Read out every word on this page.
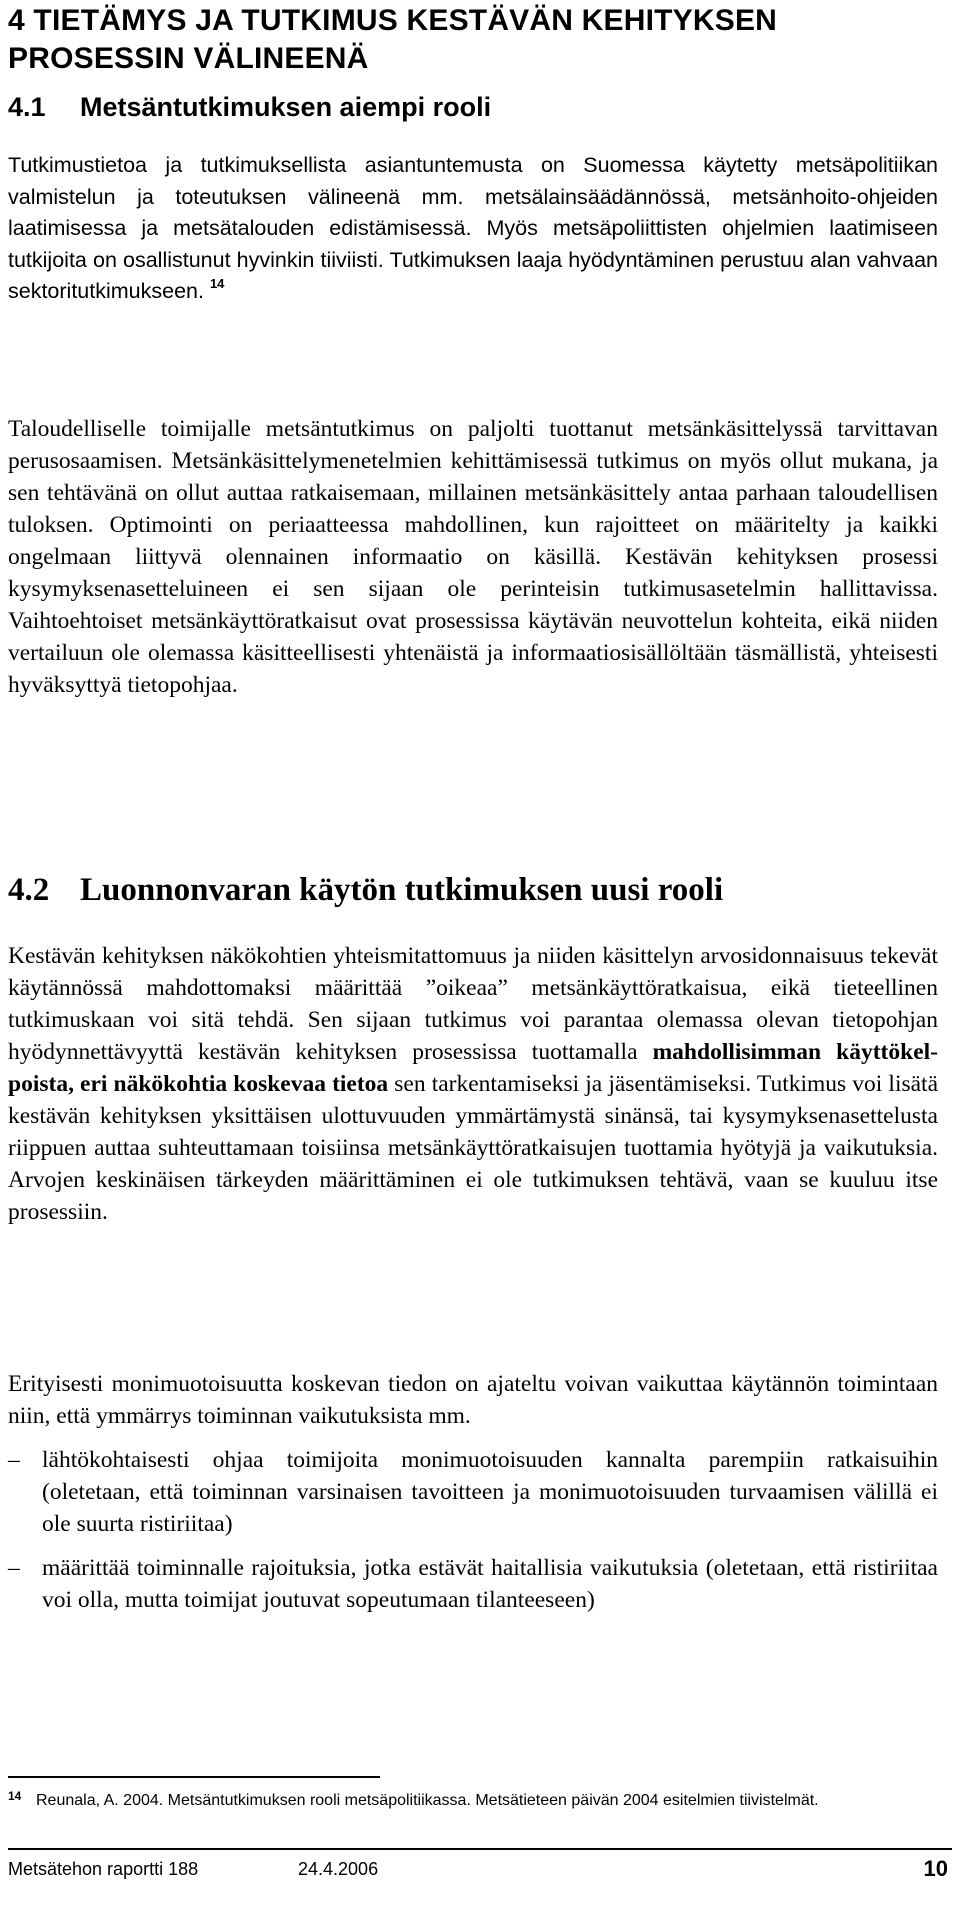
4 TIETÄMYS JA TUTKIMUS KESTÄVÄN KEHITYKSEN PROSESSIN VÄLINEENÄ
4.1 Metsäntutkimuksen aiempi rooli

Tutkimustietoa ja tutkimuksellista asiantuntemusta on Suomessa käytetty metsäpolitiikan valmistelun ja toteutuksen välineenä mm. metsälainsäädännössä, metsänhoito-ohjeiden laatimisessa ja metsätalouden edistämisessä. Myös metsäpoliittisten ohjelmien laatimiseen tutkijoita on osallistunut hyvinkin tiiviisti. Tutkimuksen laaja hyödyntäminen perustuu alan vahvaan sektoritutkimukseen. $^{14}$

Taloudelliselle toimijalle metsäntutkimus on paljolti tuottanut metsänkäsittelyssä tarvittavan perusosaamisen. Metsänkäsittelymenetelmien kehittämisessä tutkimus on myös ollut mukana, ja sen tehtävänä on ollut auttaa ratkaisemaan, millainen metsänkäsittely antaa parhaan taloudellisen tuloksen. Optimointi on periaatteessa mahdollinen, kun rajoitteet on määritelty ja kaikki ongelmaan liittyvä olennainen informaatio on käsillä. Kestävän kehityksen prosessi kysymyksenasetteluineen ei sen sijaan ole perinteisin tutkimusasetelmin hallittavissa. Vaihtoehtoiset metsänkäyttöratkaisut ovat prosessissa käytävän neuvottelun kohteita, eikä niiden vertailuun ole olemassa käsitteellisesti yhtenäistä ja informaatiosisällöltään täsmällistä, yhteisesti hyväksyttyä tietopohjaa.

4.2 Luonnonvaran käytön tutkimuksen uusi rooli

Kestävän kehityksen näkökohtien yhteismitattomuus ja niiden käsittelyn arvosidonnaisuus tekevät käytännössä mahdottomaksi määrittää ”oikeaa” metsänkäyttöratkaisua, eikä tieteellinen tutkimuskaan voi sitä tehdä. Sen sijaan tutkimus voi parantaa olemassa olevan tietopohjan hyödynnettävyyttä kestävän kehityksen prosessissa tuottamalla mahdollisimman käyttökelpoista, eri näkökohtia koskevaa tietoa sen tarkentamiseksi ja jäsentämiseksi. Tutkimus voi lisätä kestävän kehityksen yksittäisen ulottuvuuden ymmärtämystä sinänsä, tai kysymyksenasettelusta riippuen auttaa suhteuttamaan toisiinsa metsänkäyttöratkaisujen tuottamia hyötyjä ja vaikutuksia. Arvojen keskinäisen tärkeyden määrittäminen ei ole tutkimuksen tehtävä, vaan se kuuluu itse prosessiin.

Erityisesti monimuotoisuutta koskevan tiedon on ajateltu voivan vaikuttaa käytännön toimintaan niin, että ymmärrys toiminnan vaikutuksista mm.

– lähtökohtaisesti ohjaa toimijoita monimuotoisuuden kannalta parempiin ratkaisuihin (oletetaan, että toiminnan varsinaisen tavoitteen ja monimuotoisuuden turvaamisen välillä ei ole suurta ristiriitaa)
– määrittää toiminnalle rajoituksia, jotka estävät haitallisia vaikutuksia (oletetaan, että ristiriitaa voi olla, mutta toimijat joutuvat sopeutumaan tilanteeseen)
14 Reunala, A. 2004. Metsäntutkimuksen rooli metsäpolitiikassa. Metsätieteen päivän 2004 esitelmien tiivistelmät.
Metsätehon raportti 188	24.4.2006	10
